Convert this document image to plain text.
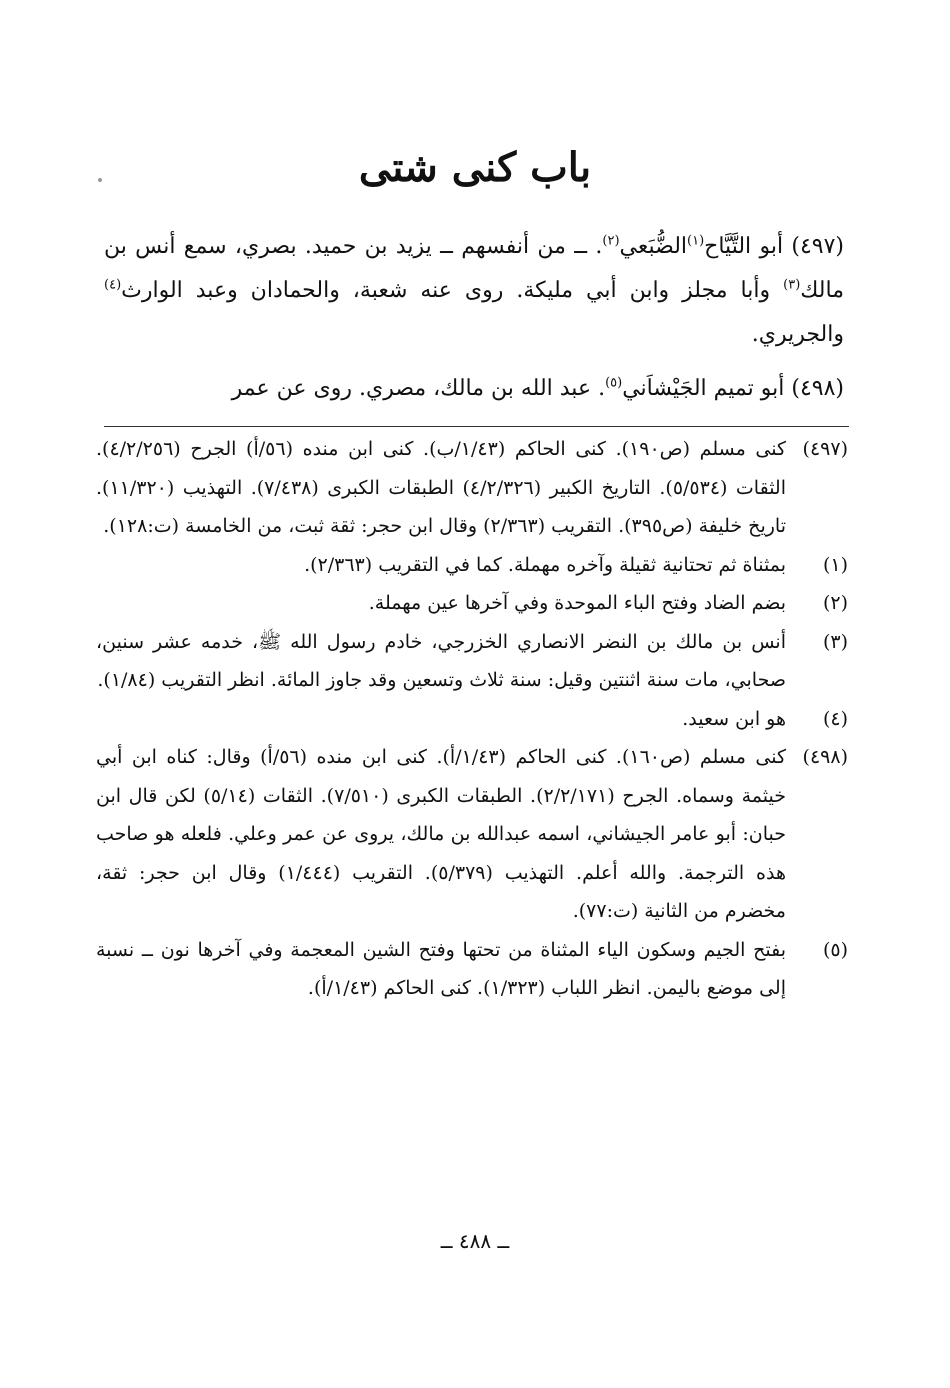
باب كنى شتى

(٤٩٧) أبو التَّيَّاح$^{(١)}$الضُّبَعي$^{(٢)}$. ــ من أنفسهم ــ يزيد بن حميد. بصري، سمع أنس بن مالك$^{(٣)}$ وأبا مجلز وابن أبي مليكة. روى عنه شعبة، والحمادان وعبد الوارث$^{(٤)}$ والجريري.

(٤٩٨) أبو تميم الجَيْشاَني$^{(٥)}$. عبد الله بن مالك، مصري. روى عن عمر

(٤٩٧)
كنى مسلم (ص١٩٠). كنى الحاكم (١/٤٣/ب). كنى ابن منده (٥٦/أ) الجرح (٤/٢/٢٥٦). الثقات (٥/٥٣٤). التاريخ الكبير (٤/٢/٣٢٦) الطبقات الكبرى (٧/٤٣٨). التهذيب (١١/٣٢٠). تاريخ خليفة (ص٣٩٥). التقريب (٢/٣٦٣) وقال ابن حجر: ثقة ثبت، من الخامسة (ت:١٢٨).
(١)
بمثناة ثم تحتانية ثقيلة وآخره مهملة. كما في التقريب (٢/٣٦٣).
(٢)
بضم الضاد وفتح الباء الموحدة وفي آخرها عين مهملة.
(٣)
أنس بن مالك بن النضر الانصاري الخزرجي، خادم رسول الله ﷺ، خدمه عشر سنين، صحابي، مات سنة اثنتين وقيل: سنة ثلاث وتسعين وقد جاوز المائة. انظر التقريب (١/٨٤).
(٤)
هو ابن سعيد.
(٤٩٨)
كنى مسلم (ص١٦٠). كنى الحاكم (١/٤٣/أ). كنى ابن منده (٥٦/أ) وقال: كناه ابن أبي خيثمة وسماه. الجرح (٢/٢/١٧١). الطبقات الكبرى (٧/٥١٠). الثقات (٥/١٤) لكن قال ابن حبان: أبو عامر الجيشاني، اسمه عبدالله بن مالك، يروى عن عمر وعلي. فلعله هو صاحب هذه الترجمة. والله أعلم. التهذيب (٥/٣٧٩). التقريب (١/٤٤٤) وقال ابن حجر: ثقة، مخضرم من الثانية (ت:٧٧).
(٥)
بفتح الجيم وسكون الياء المثناة من تحتها وفتح الشين المعجمة وفي آخرها نون ــ نسبة إلى موضع باليمن. انظر اللباب (١/٣٢٣). كنى الحاكم (١/٤٣/أ).
ــ ٤٨٨ ــ
